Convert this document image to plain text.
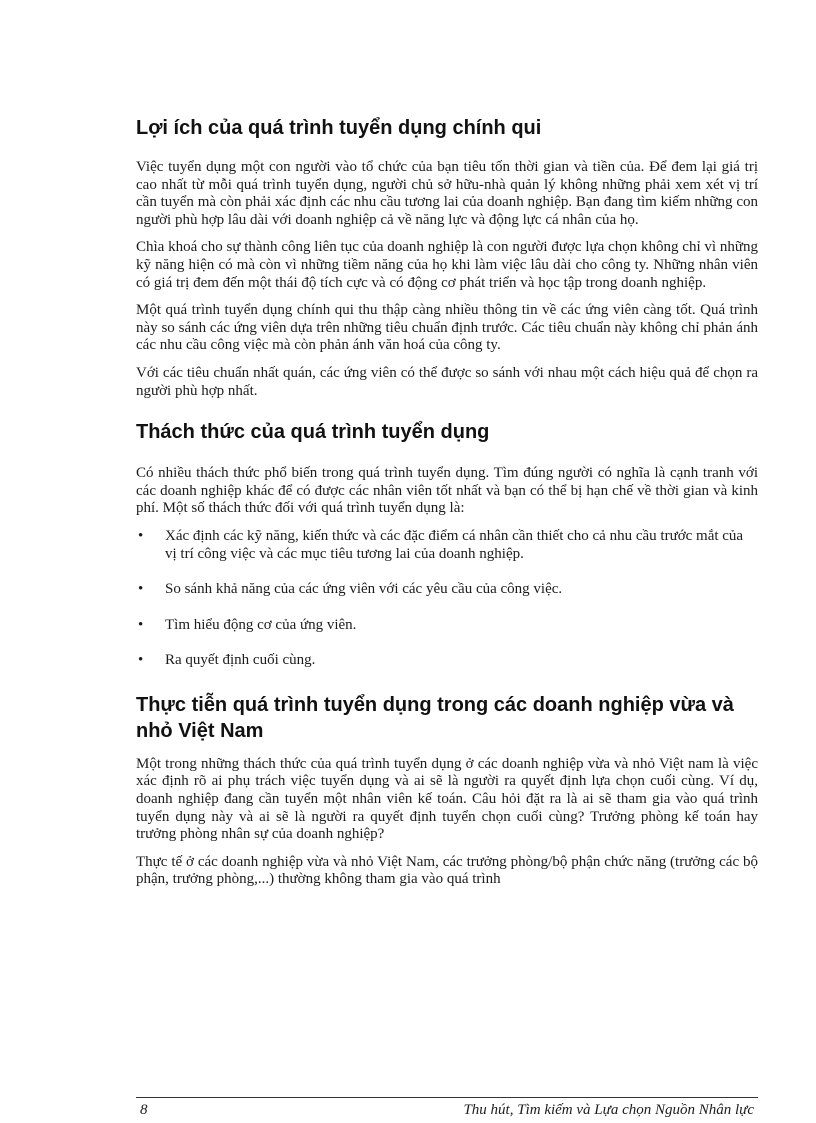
Lợi ích của quá trình tuyển dụng chính qui

Việc tuyển dụng một con người vào tổ chức của bạn tiêu tốn thời gian và tiền của. Để đem lại giá trị cao nhất từ mỗi quá trình tuyển dụng, người chủ sở hữu-nhà quản lý không những phải xem xét vị trí cần tuyển mà còn phải xác định các nhu cầu tương lai của doanh nghiệp. Bạn đang tìm kiếm những con người phù hợp lâu dài với doanh nghiệp cả về năng lực và động lực cá nhân của họ.

Chìa khoá cho sự thành công liên tục của doanh nghiệp là con người được lựa chọn không chỉ vì những kỹ năng hiện có mà còn vì những tiềm năng của họ khi làm việc lâu dài cho công ty. Những nhân viên có giá trị đem đến một thái độ tích cực và có động cơ phát triển và học tập trong doanh nghiệp.

Một quá trình tuyển dụng chính qui thu thập càng nhiều thông tin về các ứng viên càng tốt. Quá trình này so sánh các ứng viên dựa trên những tiêu chuẩn định trước. Các tiêu chuẩn này không chỉ phản ánh các nhu cầu công việc mà còn phản ánh văn hoá của công ty.

Với các tiêu chuẩn nhất quán, các ứng viên có thể được so sánh với nhau một cách hiệu quả để chọn ra người phù hợp nhất.

Thách thức của quá trình tuyển dụng

Có nhiều thách thức phổ biến trong quá trình tuyển dụng. Tìm đúng người có nghĩa là cạnh tranh với các doanh nghiệp khác để có được các nhân viên tốt nhất và bạn có thể bị hạn chế về thời gian và kinh phí. Một số thách thức đối với quá trình tuyển dụng là:

• Xác định các kỹ năng, kiến thức và các đặc điểm cá nhân cần thiết cho cả nhu cầu trước mắt của vị trí công việc và các mục tiêu tương lai của doanh nghiệp.
• So sánh khả năng của các ứng viên với các yêu cầu của công việc.
• Tìm hiểu động cơ của ứng viên.
• Ra quyết định cuối cùng.
Thực tiễn quá trình tuyển dụng trong các doanh nghiệp vừa và nhỏ Việt Nam

Một trong những thách thức của quá trình tuyển dụng ở các doanh nghiệp vừa và nhỏ Việt nam là việc xác định rõ ai phụ trách việc tuyển dụng và ai sẽ là người ra quyết định lựa chọn cuối cùng. Ví dụ, doanh nghiệp đang cần tuyển một nhân viên kế toán. Câu hỏi đặt ra là ai sẽ tham gia vào quá trình tuyển dụng này và ai sẽ là người ra quyết định tuyển chọn cuối cùng? Trưởng phòng kế toán hay trưởng phòng nhân sự của doanh nghiệp?

Thực tế ở các doanh nghiệp vừa và nhỏ Việt Nam, các trưởng phòng/bộ phận chức năng (trưởng các bộ phận, trưởng phòng,...) thường không tham gia vào quá trình

8	Thu hút, Tìm kiếm và Lựa chọn Nguồn Nhân lực
